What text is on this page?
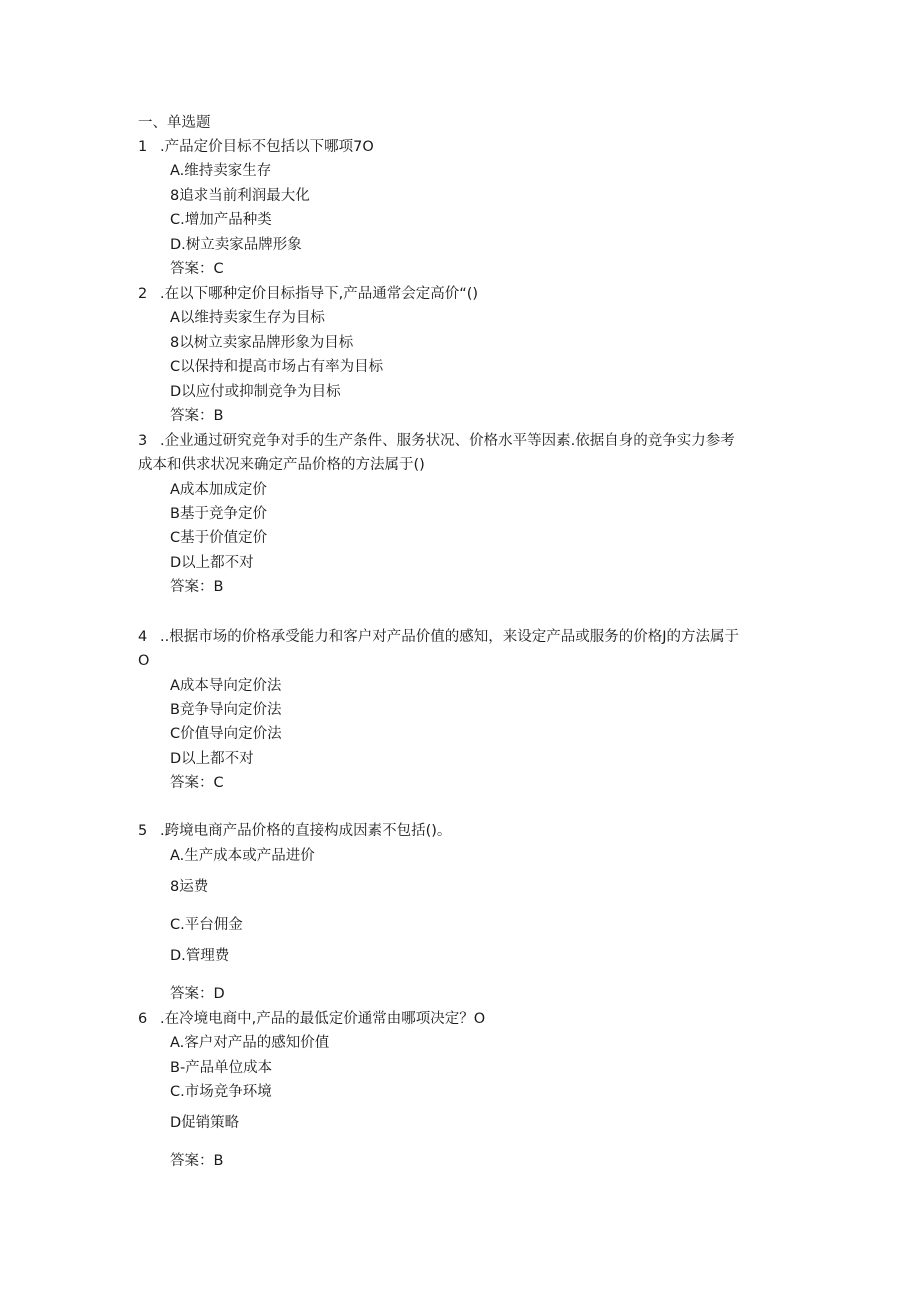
一、单选题
1 .产品定价目标不包括以下哪项7O
A.维持卖家生存
8追求当前利润最大化
C.增加产品种类
D.树立卖家品牌形象
答案：C
2 .在以下哪种定价目标指导下,产品通常会定高价“()
A以维持卖家生存为目标
8以树立卖家品牌形象为目标
C以保持和提高市场占有率为目标
D以应付或抑制竞争为目标
答案：B
3 .企业通过研究竞争对手的生产条件、服务状况、价格水平等因素.依据自身的竞争实力参考
成本和供求状况来确定产品价格的方法属于()
A成本加成定价
B基于竞争定价
C基于价值定价
D以上都不对
答案：B
4 ..根据市场的价格承受能力和客户对产品价值的感知，来设定产品或服务的价格J的方法属于
O
A成本导向定价法
B竞争导向定价法
C价值导向定价法
D以上都不对
答案：C
5 .跨境电商产品价格的直接构成因素不包括()。
A.生产成本或产品进价
8运费
C.平台佣金
D.管理费
答案：D
6 .在冷境电商中,产品的最低定价通常由哪项决定？O
A.客户对产品的感知价值
B-产品单位成本
C.市场竞争环境
D促销策略
答案：B
